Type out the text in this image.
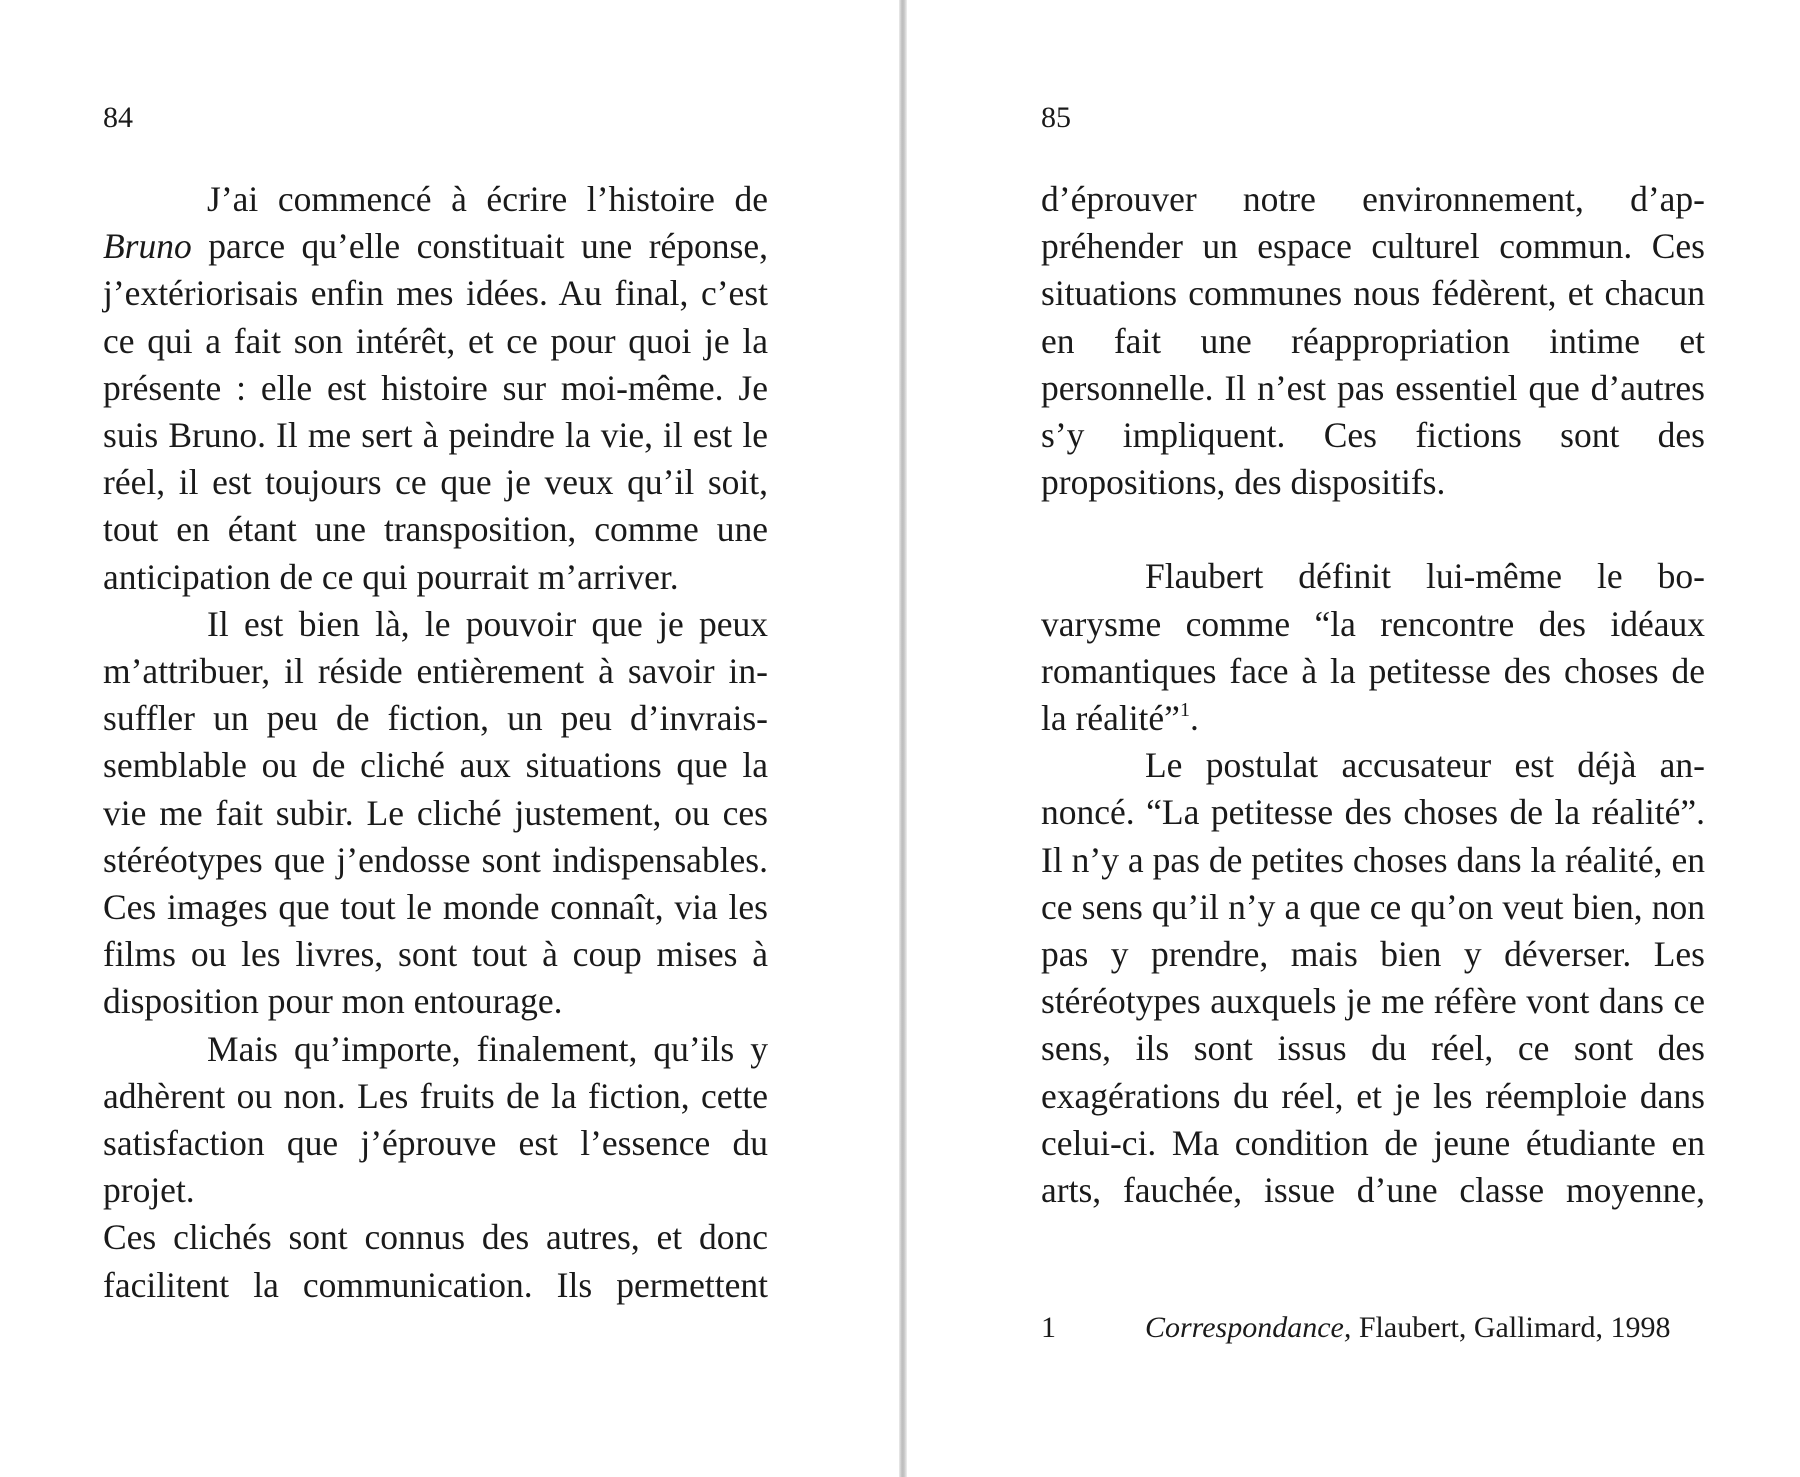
84

J’ai commencé à écrire l’histoire de Bruno parce qu’elle constituait une réponse, j’extériorisais enfin mes idées. Au final, c’est ce qui a fait son intérêt, et ce pour quoi je la présente : elle est histoire sur moi-même. Je suis Bruno. Il me sert à peindre la vie, il est le réel, il est toujours ce que je veux qu’il soit, tout en étant une transposition, comme une anticipation de ce qui pourrait m’arriver.

Il est bien là, le pouvoir que je peux m’attribuer, il réside entièrement à savoir insuffler un peu de fiction, un peu d’invraissemblable ou de cliché aux situations que la vie me fait subir. Le cliché justement, ou ces stéréotypes que j’endosse sont indispensables. Ces images que tout le monde connaît, via les films ou les livres, sont tout à coup mises à disposition pour mon entourage.

Mais qu’importe, finalement, qu’ils y adhèrent ou non. Les fruits de la fiction, cette satisfaction que j’éprouve est l’essence du projet.

Ces clichés sont connus des autres, et donc facilitent la communication. Ils permettent

85

d’éprouver notre environnement, d’appréhender un espace culturel commun. Ces situations communes nous fédèrent, et chacun en fait une réappropriation intime et personnelle. Il n’est pas essentiel que d’autres s’y impliquent. Ces fictions sont des propositions, des dispositifs.

Flaubert définit lui-même le bovarysme comme “la rencontre des idéaux romantiques face à la petitesse des choses de la réalité”$^1$.

Le postulat accusateur est déjà annoncé. “La petitesse des choses de la réalité”. Il n’y a pas de petites choses dans la réalité, en ce sens qu’il n’y a que ce qu’on veut bien, non pas y prendre, mais bien y déverser. Les stéréotypes auxquels je me réfère vont dans ce sens, ils sont issus du réel, ce sont des exagérations du réel, et je les réemploie dans celui-ci. Ma condition de jeune étudiante en arts, fauchée, issue d’une classe moyenne,

1	Correspondance, Flaubert, Gallimard, 1998
